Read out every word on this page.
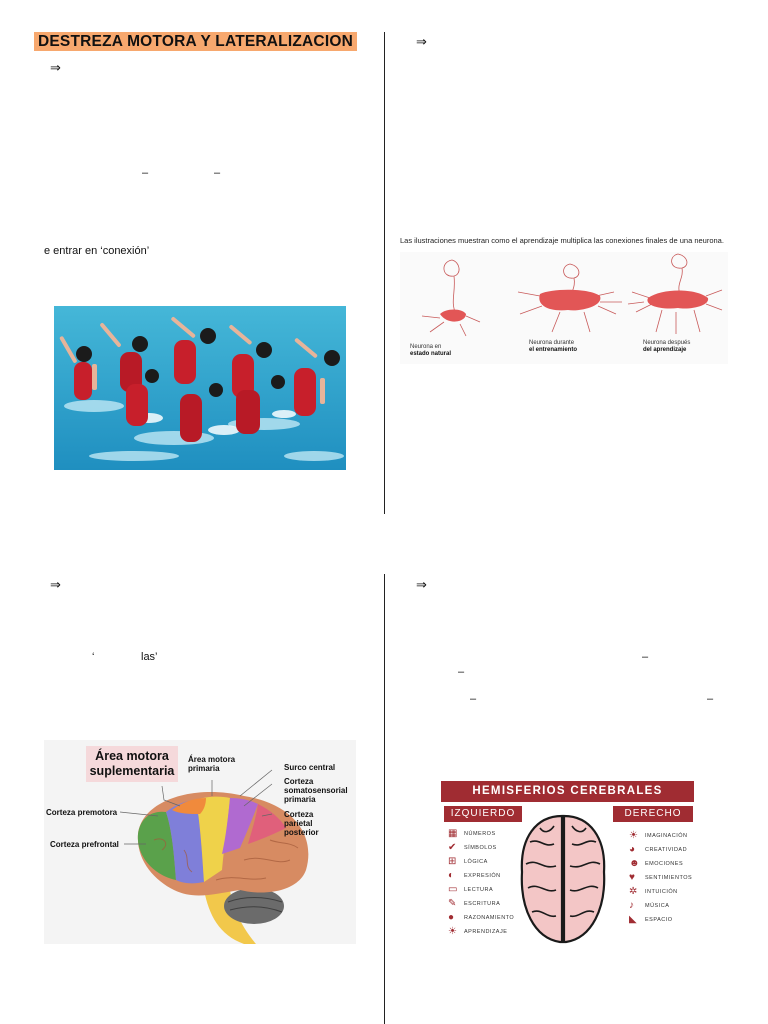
DESTREZA MOTORA Y LATERALIZACION
⇒
–	–
e entrar en ‘conexión’
⇒
Las ilustraciones muestran como el aprendizaje multiplica las conexiones finales de una neurona.
Neurona en
estado natural
Neurona durante
el entrenamiento
Neurona después
del aprendizaje
⇒
‘	las’
Área motora
suplementaria
Área motora
primaria	Surco central
Corteza
somatosensorial
primaria
Corteza
parietal
posterior
Corteza premotora
Corteza prefrontal
⇒
–
–
–	–
HEMISFERIOS CEREBRALES
IZQUIERDO	DERECHO
▦ NÚMEROS
✔ SÍMBOLOS
⊞ LÓGICA
◐	EXPRESIÓN
▭ LECTURA
✎ ESCRITURA
●	RAZONAMIENTO
☀ APRENDIZAJE
☀ IMAGINACIÓN
◕	CREATIVIDAD
☻ EMOCIONES
♥	SENTIMIENTOS
✲ INTUICIÓN
♪	MÚSICA
◣	ESPACIO
